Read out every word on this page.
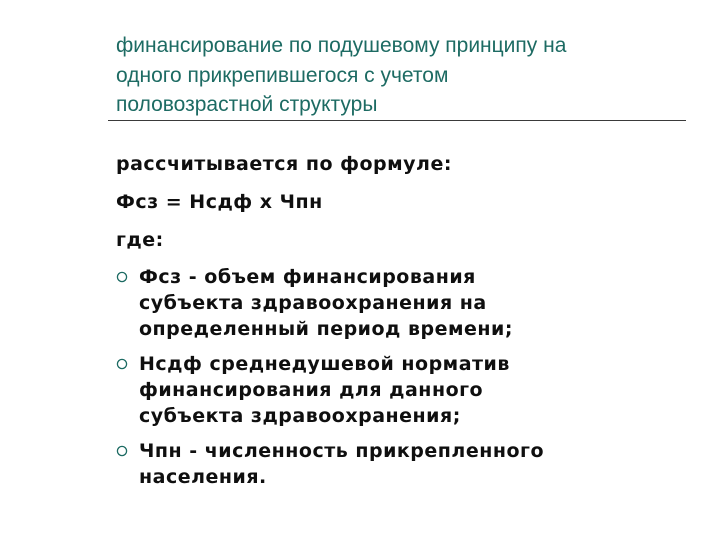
финансирование по подушевому принципу на
одного прикрепившегося с учетом
половозрастной структуры

рассчитывается по формуле:

Фсз = Нсдф х Чпн

где:

Фсз - объем финансирования
субъекта здравоохранения на
определенный период времени;
Нсдф среднедушевой норматив
финансирования для данного
субъекта здравоохранения;
Чпн - численность прикрепленного
населения.
